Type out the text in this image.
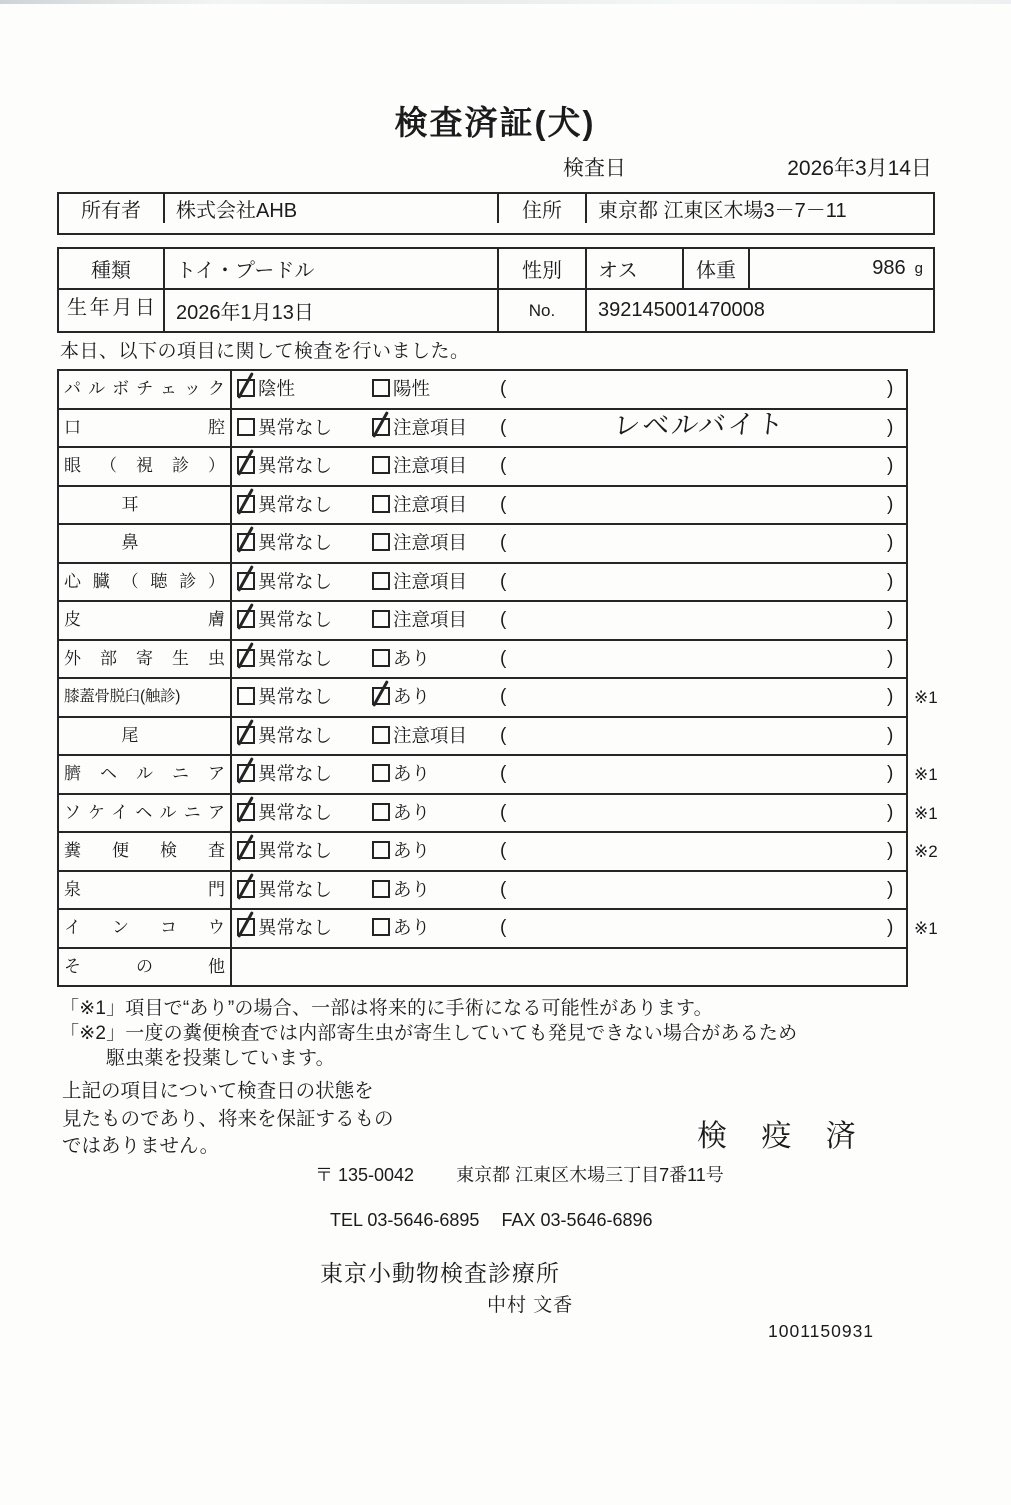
検査済証(犬)
検査日	2026年3月14日
所有者	株式会社AHB	住所	東京都 江東区木場3－7－11
種類	トイ・プードル	性別	オス	体重	986 g
生年月日	2026年1月13日	No.	392145001470008
本日、以下の項目に関して検査を行いました。
パルボチェック	陰性	陽性	(	)
口腔	異常なし	注意項目 (	レベルバイト	)
眼（視診）	異常なし	注意項目 (	)
耳	異常なし	注意項目 (	)
鼻	異常なし	注意項目 (	)
心臓（聴診）	異常なし	注意項目 (	)
皮膚	異常なし	注意項目 (	)
外部寄生虫	異常なし	あり	(	)
膝蓋骨脱臼(触診)	異常なし	あり	(	) ※1
尾	異常なし	注意項目 (	)
臍ヘルニア	異常なし	あり	(	) ※1
ソケイヘルニア	異常なし	あり	(	) ※1
糞便検査	異常なし	あり	(	) ※2
泉門	異常なし	あり	(	)
インコウ	異常なし	あり	(	) ※1
その他
「※1」項目で“あり”の場合、一部は将来的に手術になる可能性があります。
「※2」一度の糞便検査では内部寄生虫が寄生していても発見できない場合があるため
駆虫薬を投薬しています。
上記の項目について検査日の状態を
見たものであり、将来を保証するもの
ではありません。	検 疫 済
〒 135-0042 東京都 江東区木場三丁目7番11号
TEL 03-5646-6895 FAX 03-5646-6896
東京小動物検査診療所
中村 文香
1001150931
